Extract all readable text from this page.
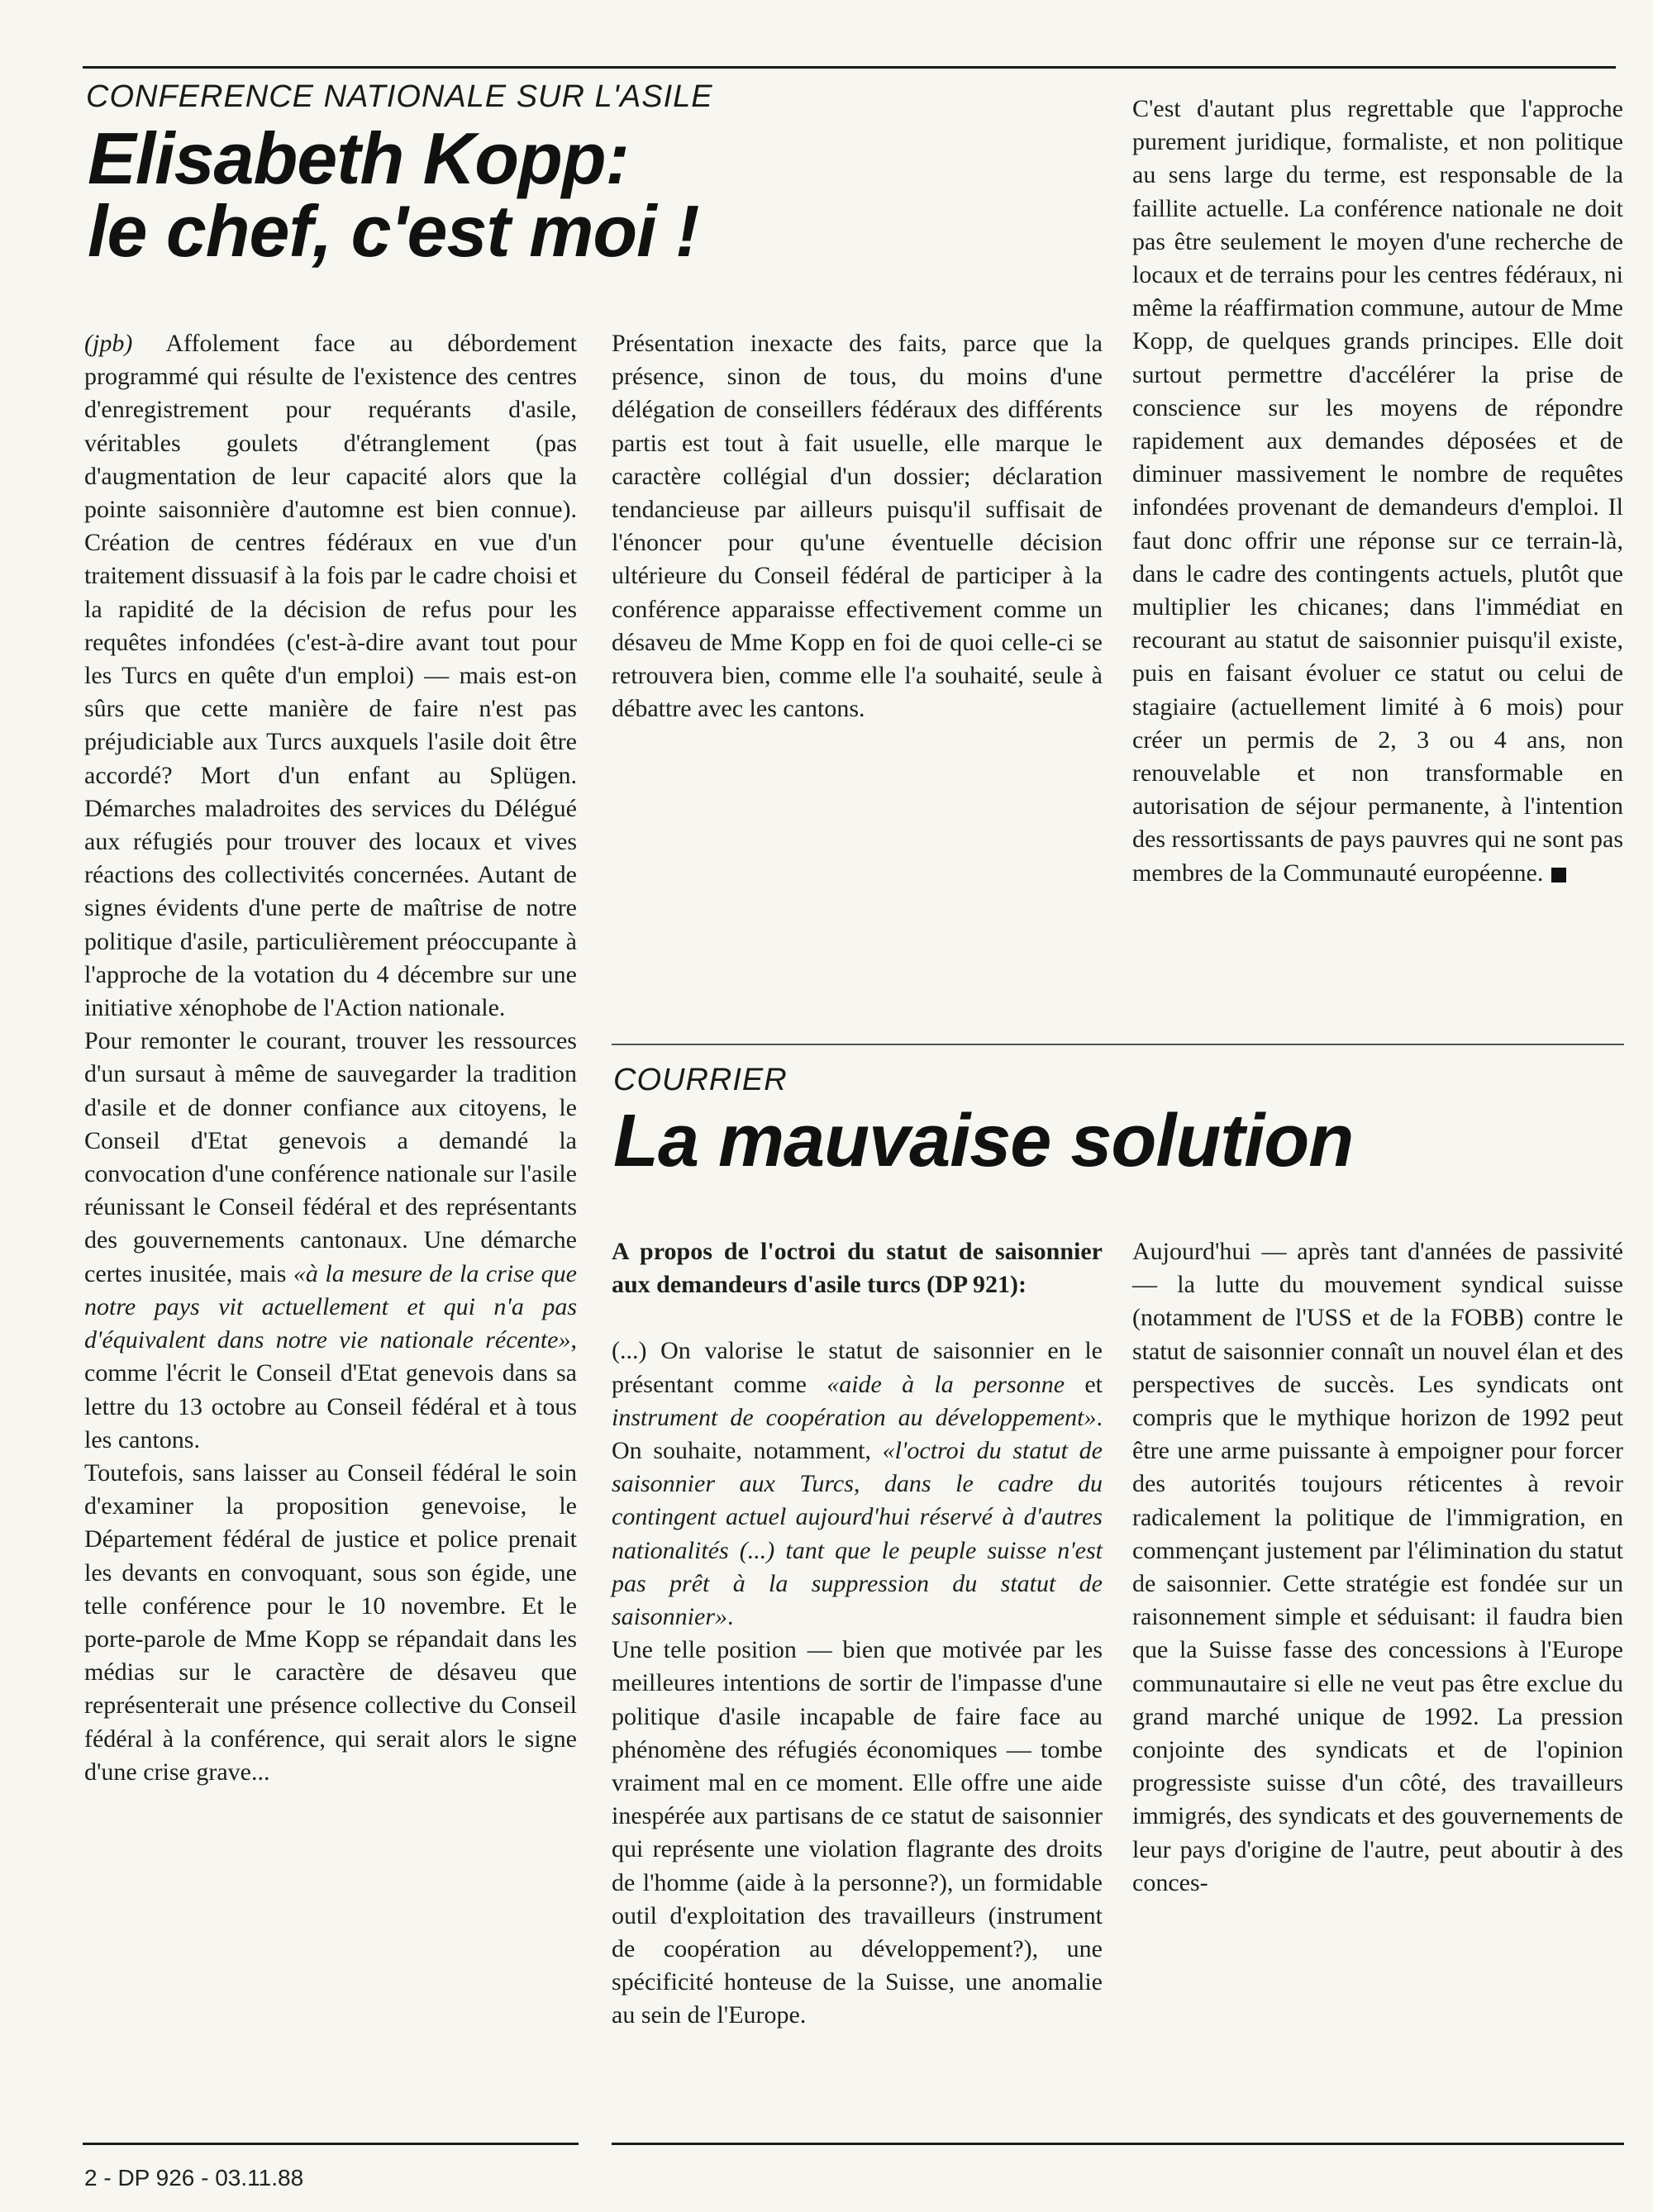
CONFERENCE NATIONALE SUR L'ASILE
Elisabeth Kopp:
le chef, c'est moi !

(jpb) Affolement face au débordement programmé qui résulte de l'existence des centres d'enregistrement pour requérants d'asile, véritables goulets d'étranglement (pas d'augmentation de leur capacité alors que la pointe saisonnière d'automne est bien connue). Création de centres fédéraux en vue d'un traitement dissuasif à la fois par le cadre choisi et la rapidité de la décision de refus pour les requêtes infondées (c'est-à-dire avant tout pour les Turcs en quête d'un emploi) — mais est-on sûrs que cette manière de faire n'est pas préjudiciable aux Turcs auxquels l'asile doit être accordé? Mort d'un enfant au Splügen. Démarches maladroites des services du Délégué aux réfugiés pour trouver des locaux et vives réactions des collectivités concernées. Autant de signes évidents d'une perte de maîtrise de notre politique d'asile, particulièrement préoccupante à l'approche de la votation du 4 décembre sur une initiative xénophobe de l'Action nationale.

Pour remonter le courant, trouver les ressources d'un sursaut à même de sauvegarder la tradition d'asile et de donner confiance aux citoyens, le Conseil d'Etat genevois a demandé la convocation d'une conférence nationale sur l'asile réunissant le Conseil fédéral et des représentants des gouvernements cantonaux. Une démarche certes inusitée, mais «à la mesure de la crise que notre pays vit actuellement et qui n'a pas d'équivalent dans notre vie nationale récente», comme l'écrit le Conseil d'Etat genevois dans sa lettre du 13 octobre au Conseil fédéral et à tous les cantons.

Toutefois, sans laisser au Conseil fédéral le soin d'examiner la proposition genevoise, le Département fédéral de justice et police prenait les devants en convoquant, sous son égide, une telle conférence pour le 10 novembre. Et le porte-parole de Mme Kopp se répandait dans les médias sur le caractère de désaveu que représenterait une présence collective du Conseil fédéral à la conférence, qui serait alors le signe d'une crise grave...

Présentation inexacte des faits, parce que la présence, sinon de tous, du moins d'une délégation de conseillers fédéraux des différents partis est tout à fait usuelle, elle marque le caractère collégial d'un dossier; déclaration tendancieuse par ailleurs puisqu'il suffisait de l'énoncer pour qu'une éventuelle décision ultérieure du Conseil fédéral de participer à la conférence apparaisse effectivement comme un désaveu de Mme Kopp en foi de quoi celle-ci se retrouvera bien, comme elle l'a souhaité, seule à débattre avec les cantons.

C'est d'autant plus regrettable que l'approche purement juridique, formaliste, et non politique au sens large du terme, est responsable de la faillite actuelle. La conférence nationale ne doit pas être seulement le moyen d'une recherche de locaux et de terrains pour les centres fédéraux, ni même la réaffirmation commune, autour de Mme Kopp, de quelques grands principes. Elle doit surtout permettre d'accélérer la prise de conscience sur les moyens de répondre rapidement aux demandes déposées et de diminuer massivement le nombre de requêtes infondées provenant de demandeurs d'emploi. Il faut donc offrir une réponse sur ce terrain-là, dans le cadre des contingents actuels, plutôt que multiplier les chicanes; dans l'immédiat en recourant au statut de saisonnier puisqu'il existe, puis en faisant évoluer ce statut ou celui de stagiaire (actuellement limité à 6 mois) pour créer un permis de 2, 3 ou 4 ans, non renouvelable et non transformable en autorisation de séjour permanente, à l'intention des ressortissants de pays pauvres qui ne sont pas membres de la Communauté européenne.

COURRIER
La mauvaise solution

A propos de l'octroi du statut de saisonnier aux demandeurs d'asile turcs (DP 921):

(...) On valorise le statut de saisonnier en le présentant comme «aide à la personne et instrument de coopération au développement». On souhaite, notamment, «l'octroi du statut de saisonnier aux Turcs, dans le cadre du contingent actuel aujourd'hui réservé à d'autres nationalités (...) tant que le peuple suisse n'est pas prêt à la suppression du statut de saisonnier».

Une telle position — bien que motivée par les meilleures intentions de sortir de l'impasse d'une politique d'asile incapable de faire face au phénomène des réfugiés économiques — tombe vraiment mal en ce moment. Elle offre une aide inespérée aux partisans de ce statut de saisonnier qui représente une violation flagrante des droits de l'homme (aide à la personne?), un formidable outil d'exploitation des travailleurs (instrument de coopération au développement?), une spécificité honteuse de la Suisse, une anomalie au sein de l'Europe.

Aujourd'hui — après tant d'années de passivité — la lutte du mouvement syndical suisse (notamment de l'USS et de la FOBB) contre le statut de saisonnier connaît un nouvel élan et des perspectives de succès. Les syndicats ont compris que le mythique horizon de 1992 peut être une arme puissante à empoigner pour forcer des autorités toujours réticentes à revoir radicalement la politique de l'immigration, en commençant justement par l'élimination du statut de saisonnier. Cette stratégie est fondée sur un raisonnement simple et séduisant: il faudra bien que la Suisse fasse des concessions à l'Europe communautaire si elle ne veut pas être exclue du grand marché unique de 1992. La pression conjointe des syndicats et de l'opinion progressiste suisse d'un côté, des travailleurs immigrés, des syndicats et des gouvernements de leur pays d'origine de l'autre, peut aboutir à des conces-

2 - DP 926 - 03.11.88
